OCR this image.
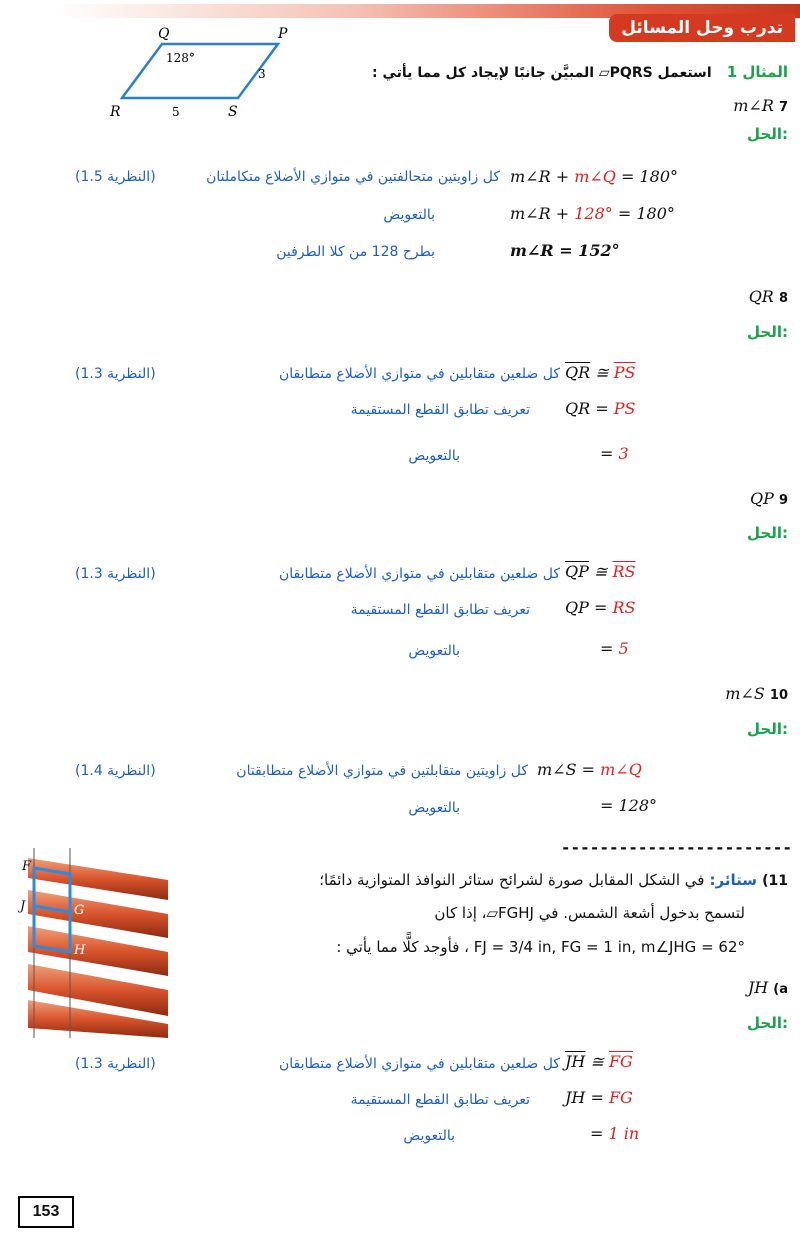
تدرب وحل المسائل
Q	P
R	S
128°
3
5
المثال 1 استعمل PQRS▱ المبيَّن جانبًا لإيجاد كل مما يأتي :
m∠R 7
الحل:
m∠R + m∠Q = 180°
كل زاويتين متحالفتين في متوازي الأضلاع متكاملتان
(النظرية 1.5)
m∠R + 128° = 180°
بالتعويض
m∠R = 152°
بطرح 128 من كلا الطرفين
QR 8
الحل:
$\overline{QR}$ ≅ $\overline{PS}$
كل ضلعين متقابلين في متوازي الأضلاع متطابقان
(النظرية 1.3)
QR = PS
تعريف تطابق القطع المستقيمة
= 3
بالتعويض
QP 9
الحل:
$\overline{QP}$ ≅ $\overline{RS}$
كل ضلعين متقابلين في متوازي الأضلاع متطابقان
(النظرية 1.3)
QP = RS
تعريف تطابق القطع المستقيمة
= 5
بالتعويض
m∠S 10
الحل:
m∠S = m∠Q
كل زاويتين متقابلتين في متوازي الأضلاع متطابقتان
(النظرية 1.4)
= 128°
بالتعويض
------------------------
F
J	G
H
11) ستائر: في الشكل المقابل صورة لشرائح ستائر النوافذ المتوازية دائمًا؛
لتسمح بدخول أشعة الشمس. في FGHJ▱، إذا كان
FJ = 3/4 in, FG = 1 in, m∠JHG = 62° ، فأوجد كلًّا مما يأتي :
JH (a
الحل:
$\overline{JH}$ ≅ $\overline{FG}$
كل ضلعين متقابلين في متوازي الأضلاع متطابقان
(النظرية 1.3)
JH = FG
تعريف تطابق القطع المستقيمة
= 1 in
بالتعويض
153
